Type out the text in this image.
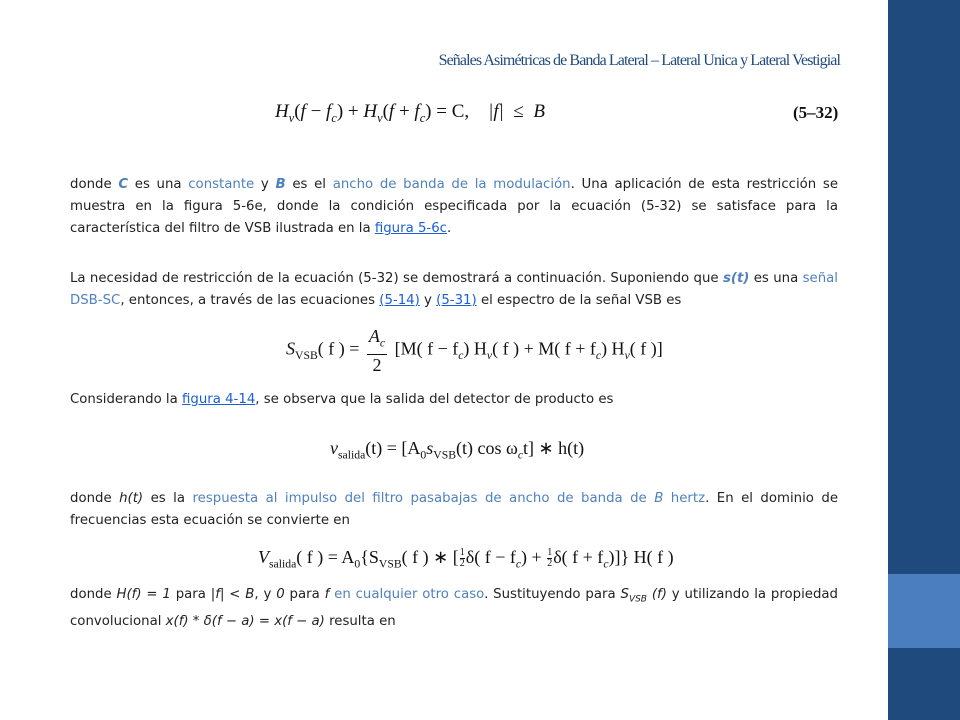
Señales Asimétricas de Banda Lateral – Lateral Unica y Lateral Vestigial
$H_v(f - f_c) + H_v(f + f_c) = C$, |f| ≤ B	(5–32)
donde C es una constante y B es el ancho de banda de la modulación. Una aplicación de esta restricción se muestra en la figura 5-6e, donde la condición especificada por la ecuación (5-32) se satisface para la característica del filtro de VSB ilustrada en la figura 5-6c.
La necesidad de restricción de la ecuación (5-32) se demostrará a continuación. Suponiendo que s(t) es una señal DSB-SC, entonces, a través de las ecuaciones (5-14) y (5-31) el espectro de la señal VSB es
$S_{VSB}$( f ) = $\frac{A_c}{2} [M$( $f - f_c$) $H_v$( f ) + M( $f + f_c$) $H_v$( f )]
Considerando la figura 4-14, se observa que la salida del detector de producto es
$v_{salida}(t) = [A_0s_{VSB}(t)$ $\cos \omega_ct$] ∗ h(t)
donde h(t) es la respuesta al impulso del filtro pasabajas de ancho de banda de B hertz. En el dominio de frecuencias esta ecuación se convierte en
$V_{salida}$( f ) = $A_0\{S_{VSB}$( f ) ∗ [ $\frac{1}{2} \delta$( $f - f_c) + \frac{1}{2} \delta$( $f + f_c$)]} H( f )
donde H(f) = 1 para |f| < B, y 0 para f en cualquier otro caso. Sustituyendo para $S_{VSB}$ (f) y utilizando la propiedad convolucional x(f) * δ(f − a) = x(f − a) resulta en
